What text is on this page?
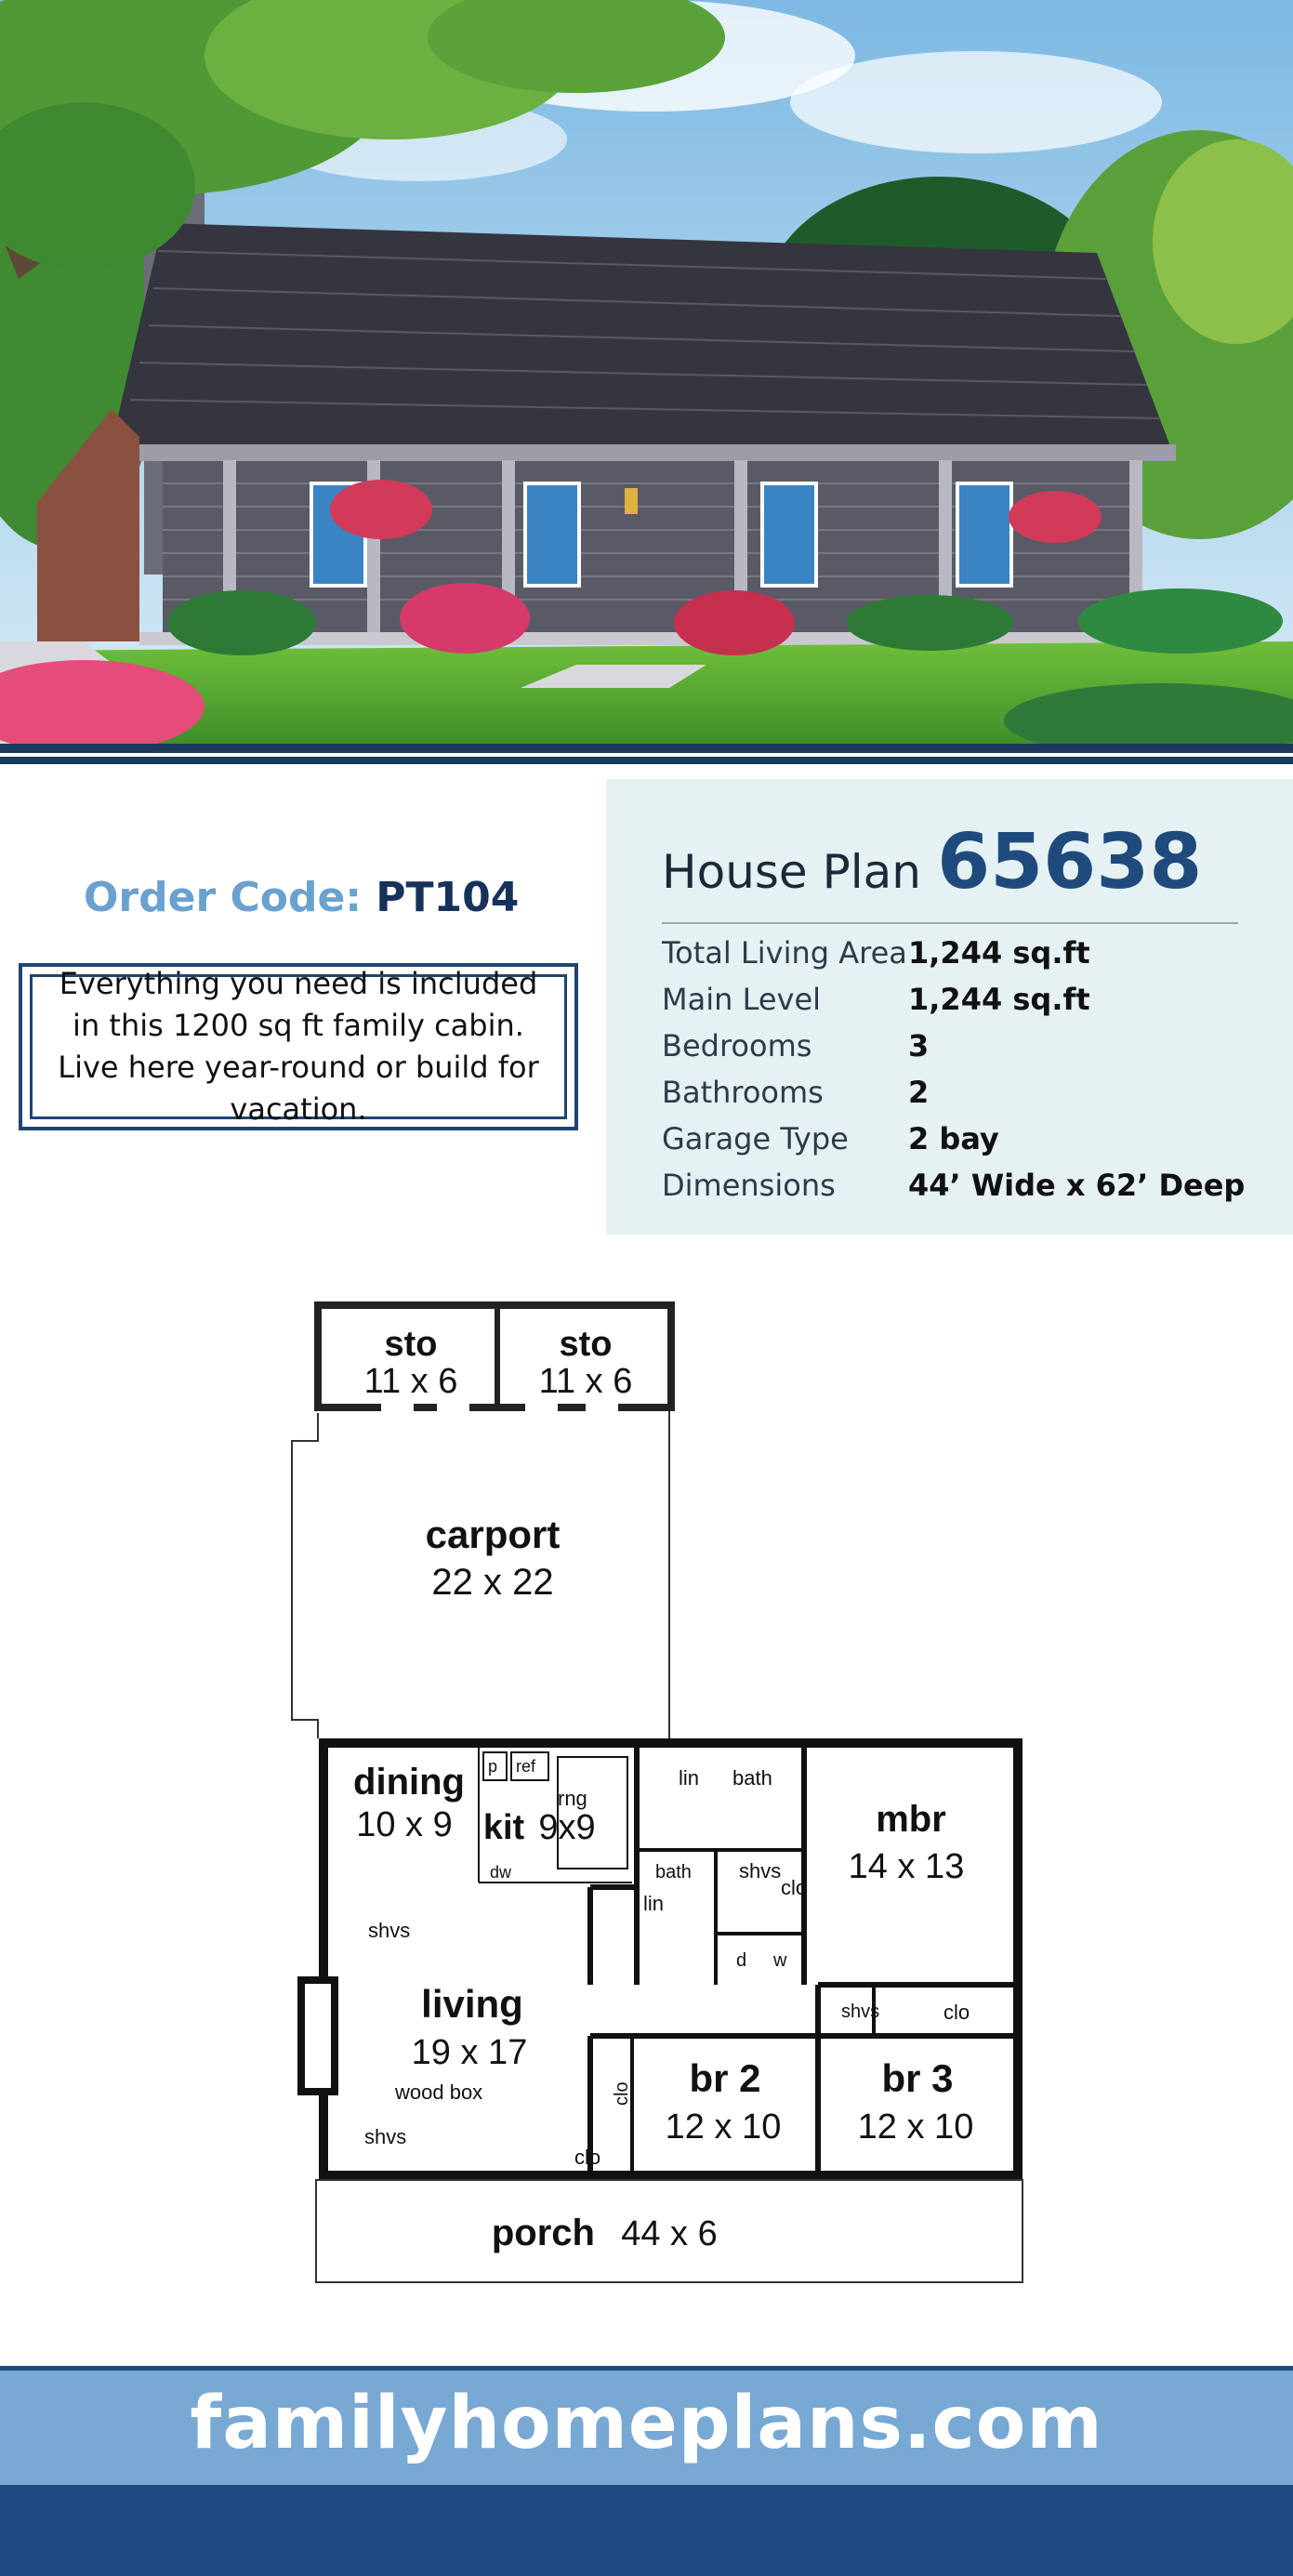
Order Code: PT104
Everything you need is included in this 1200 sq ft family cabin. Live here year-round or build for vacation.
House Plan 65638
Total Living Area 1,244 sq.ft
Main Level	1,244 sq.ft
Bedrooms	3
Bathrooms	2
Garage Type	2 bay
Dimensions	44’ Wide x 62’ Deep
sto
11 x 6
sto
11 x 6
carport
22 x 22
dining
10 x 9 kit 9x9	mbr
14 x 13
living
19 x 17
br 2
12 x 10
br 3
12 x 10
porch 44 x 6
p ref
rng
dw
lin bath
bath shvs
clo
lin
d w
shvs	clo
shvs
wood box
shvs
clo
clo
familyhomeplans.com
